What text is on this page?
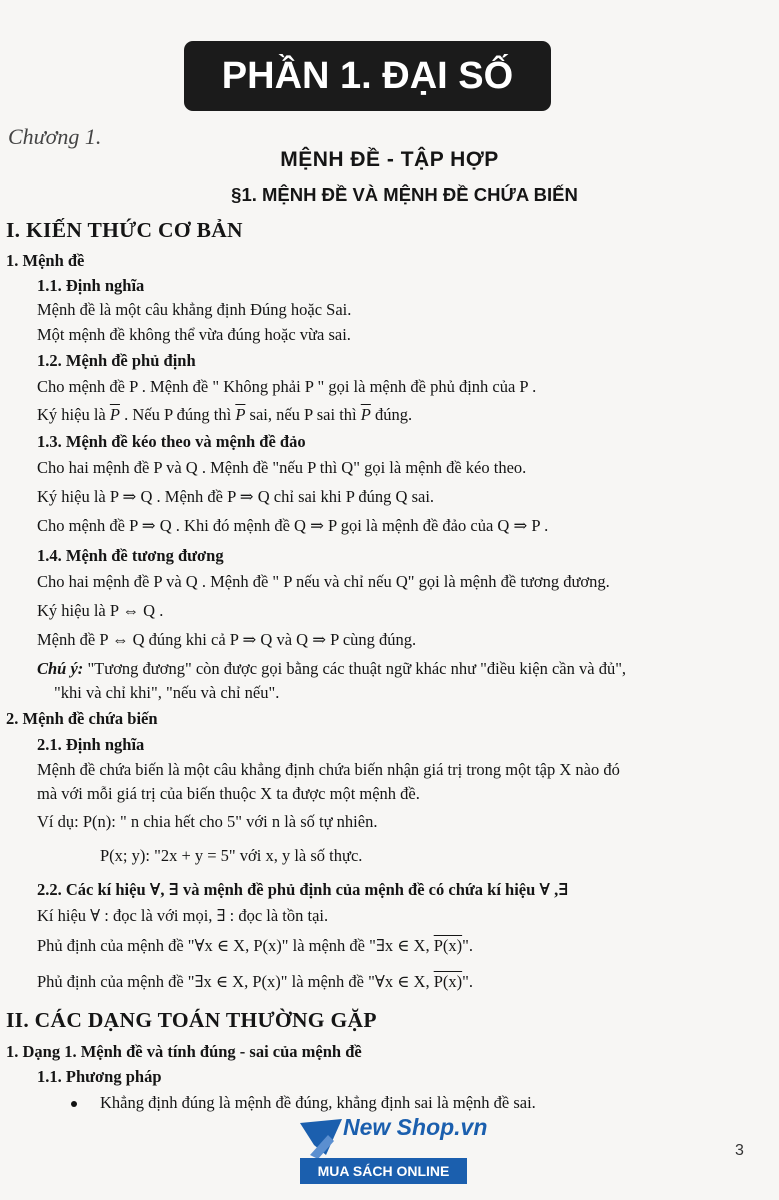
PHẦN 1. ĐẠI SỐ
Chương 1.
MỆNH ĐỀ - TẬP HỢP
§1. MỆNH ĐỀ VÀ MỆNH ĐỀ CHỨA BIẾN
I. KIẾN THỨC CƠ BẢN
1. Mệnh đề
1.1. Định nghĩa
Mệnh đề là một câu khẳng định Đúng hoặc Sai.
Một mệnh đề không thể vừa đúng hoặc vừa sai.
1.2. Mệnh đề phủ định
Cho mệnh đề P . Mệnh đề " Không phải P " gọi là mệnh đề phủ định của P .
Ký hiệu là $\overline{P}$ . Nếu P đúng thì $\overline{P}$ sai, nếu P sai thì $\overline{P}$ đúng.
1.3. Mệnh đề kéo theo và mệnh đề đảo
Cho hai mệnh đề P và Q . Mệnh đề "nếu P thì Q" gọi là mệnh đề kéo theo.
Ký hiệu là P ⇒ Q . Mệnh đề P ⇒ Q chỉ sai khi P đúng Q sai.
Cho mệnh đề P ⇒ Q . Khi đó mệnh đề Q ⇒ P gọi là mệnh đề đảo của Q ⇒ P .
1.4. Mệnh đề tương đương
Cho hai mệnh đề P và Q . Mệnh đề " P nếu và chỉ nếu Q" gọi là mệnh đề tương đương.
Ký hiệu là P ⇔ Q .
Mệnh đề P ⇔ Q đúng khi cả P ⇒ Q và Q ⇒ P cùng đúng.
Chú ý: "Tương đương" còn được gọi bằng các thuật ngữ khác như "điều kiện cần và đủ",
"khi và chỉ khi", "nếu và chỉ nếu".
2. Mệnh đề chứa biến
2.1. Định nghĩa
Mệnh đề chứa biến là một câu khẳng định chứa biến nhận giá trị trong một tập X nào đó
mà với mỗi giá trị của biến thuộc X ta được một mệnh đề.
Ví dụ: P(n): " n chia hết cho 5" với n là số tự nhiên.
P(x; y): "2x + y = 5" với x, y là số thực.
2.2. Các kí hiệu ∀, ∃ và mệnh đề phủ định của mệnh đề có chứa kí hiệu ∀ ,∃
Kí hiệu ∀ : đọc là với mọi, ∃ : đọc là tồn tại.
Phủ định của mệnh đề "∀x ∈ X, P(x)" là mệnh đề "∃x ∈ X, P(x)".
Phủ định của mệnh đề "∃x ∈ X, P(x)" là mệnh đề "∀x ∈ X, P(x)".
II. CÁC DẠNG TOÁN THƯỜNG GẶP
1. Dạng 1. Mệnh đề và tính đúng - sai của mệnh đề
1.1. Phương pháp
Khẳng định đúng là mệnh đề đúng, khẳng định sai là mệnh đề sai.
New Shop.vn
MUA SÁCH ONLINE
3
